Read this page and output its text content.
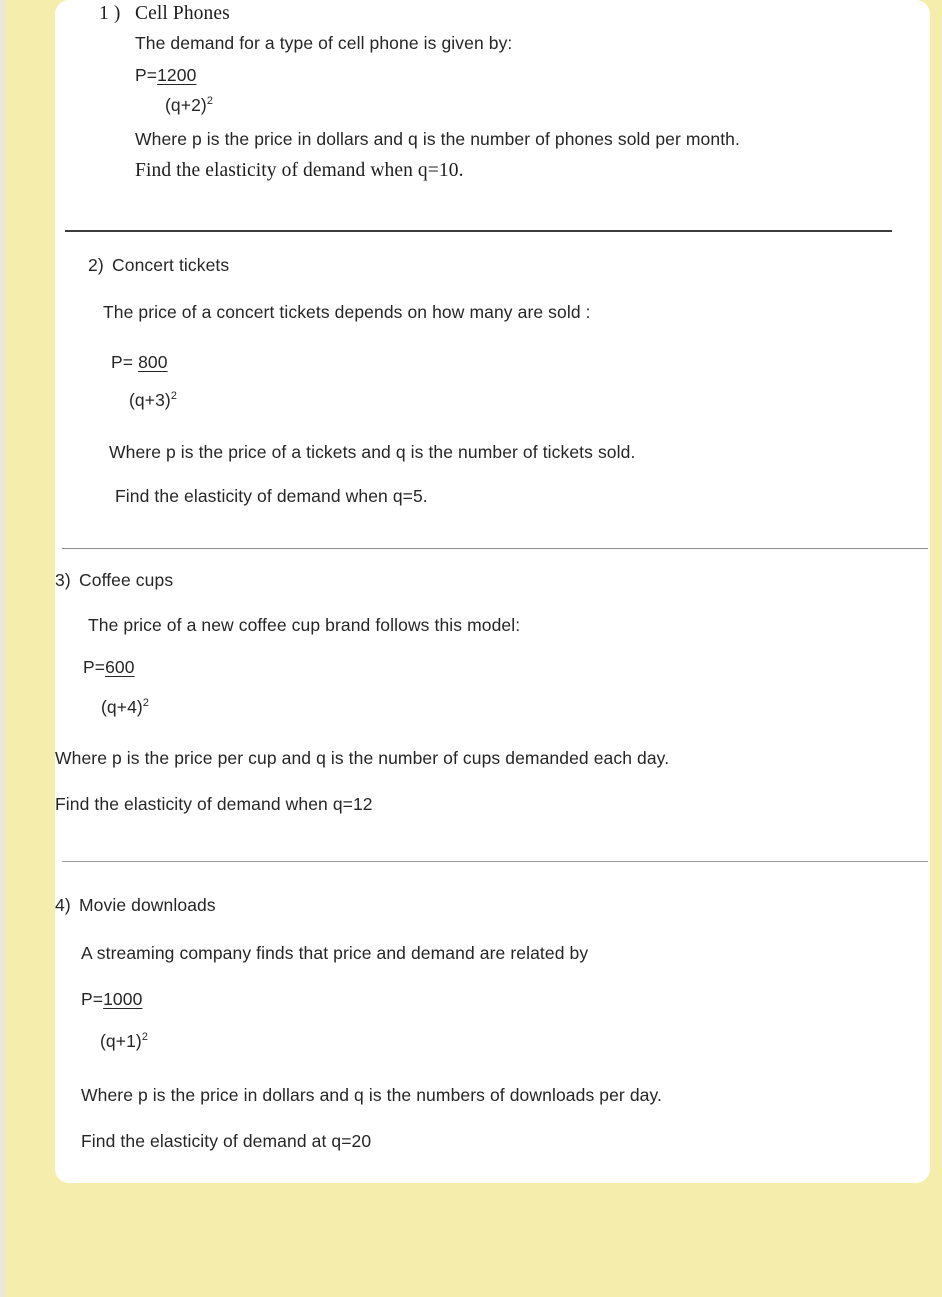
1 ) Cell Phones
The demand for a type of cell phone is given by:
P=1200
$(q+2)^2$
Where p is the price in dollars and q is the number of phones sold per month.
Find the elasticity of demand when q=10.
2) Concert tickets
The price of a concert tickets depends on how many are sold :
P= 800
$(q+3)^2$
Where p is the price of a tickets and q is the number of tickets sold.
Find the elasticity of demand when q=5.
3) Coffee cups
The price of a new coffee cup brand follows this model:
P=600
$(q+4)^2$
Where p is the price per cup and q is the number of cups demanded each day.
Find the elasticity of demand when q=12
4) Movie downloads
A streaming company finds that price and demand are related by
P=1000
$(q+1)^2$
Where p is the price in dollars and q is the numbers of downloads per day.
Find the elasticity of demand at q=20
